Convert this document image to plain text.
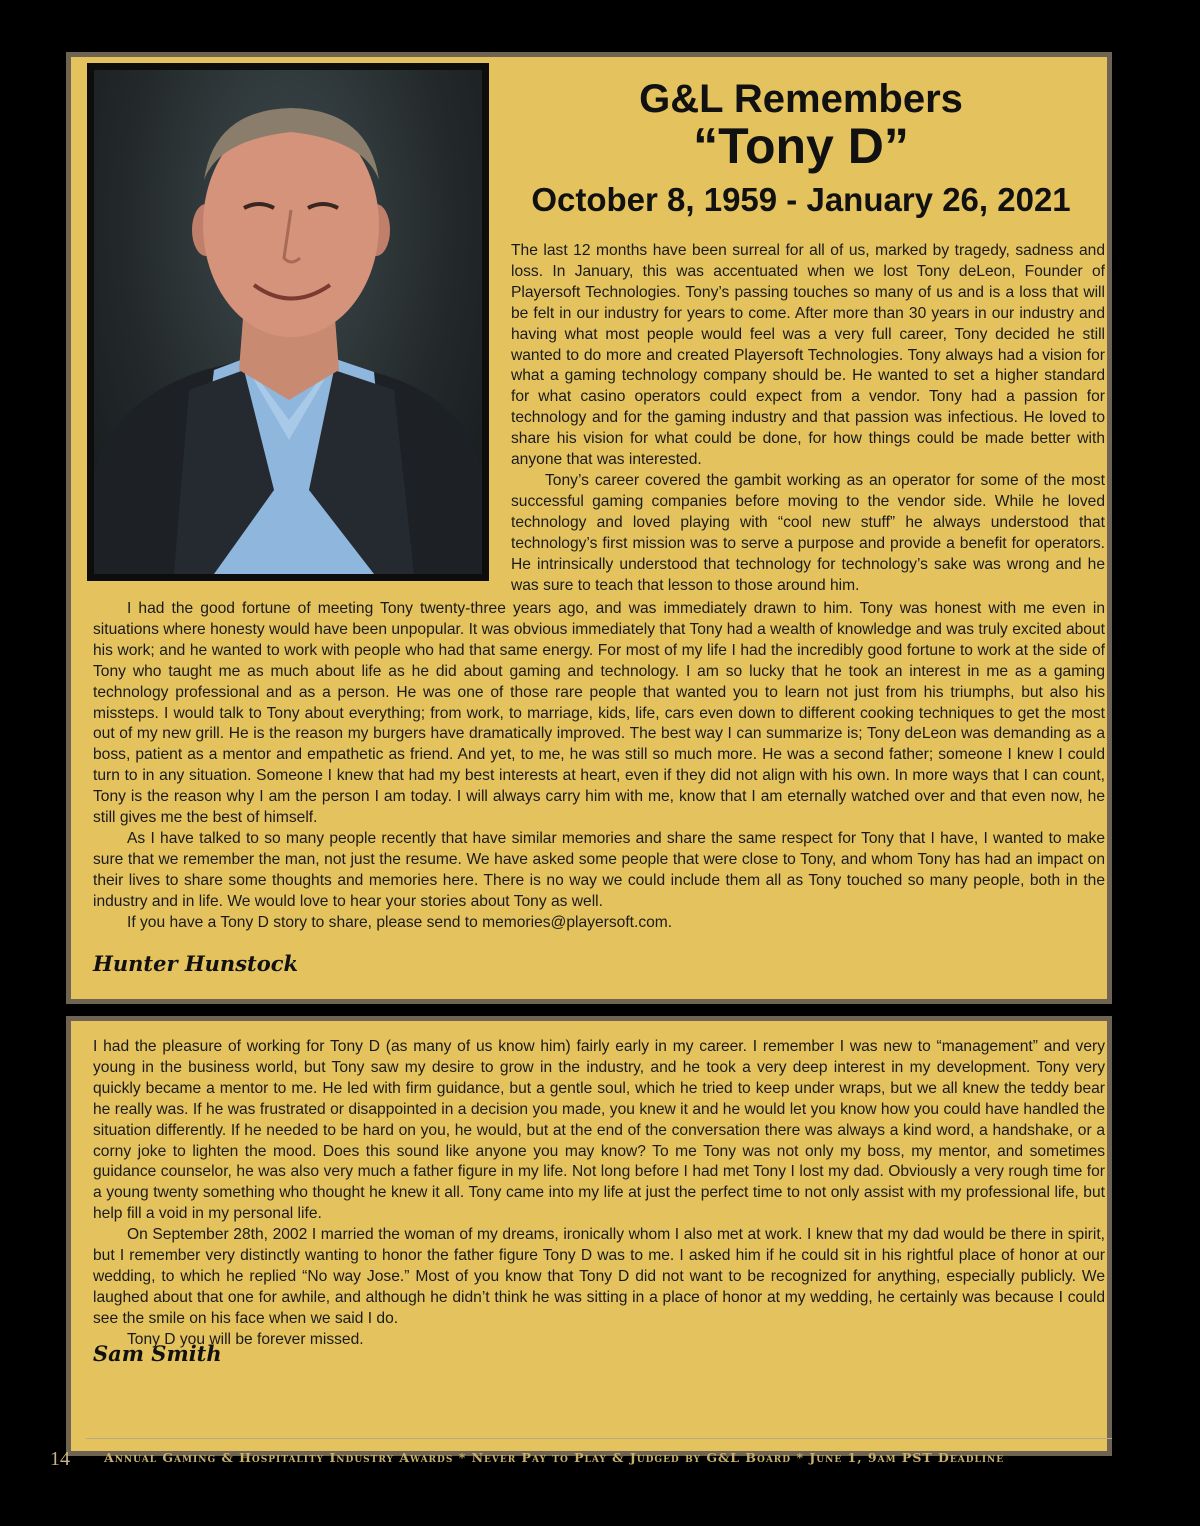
G&L Remembers
“Tony D”
October 8, 1959 - January 26, 2021

The last 12 months have been surreal for all of us, marked by tragedy, sadness and loss. In January, this was accentuated when we lost Tony deLeon, Founder of Playersoft Technologies. Tony’s passing touches so many of us and is a loss that will be felt in our industry for years to come. After more than 30 years in our industry and having what most people would feel was a very full career, Tony decided he still wanted to do more and created Playersoft Technologies. Tony always had a vision for what a gaming technology company should be. He wanted to set a higher standard for what casino operators could expect from a vendor. Tony had a passion for technology and for the gaming industry and that passion was infectious. He loved to share his vision for what could be done, for how things could be made better with anyone that was interested.

Tony’s career covered the gambit working as an operator for some of the most successful gaming companies before moving to the vendor side. While he loved technology and loved playing with “cool new stuff” he always understood that technology’s first mission was to serve a purpose and provide a benefit for operators. He intrinsically understood that technology for technology’s sake was wrong and he was sure to teach that lesson to those around him.

I had the good fortune of meeting Tony twenty-three years ago, and was immediately drawn to him. Tony was honest with me even in situations where honesty would have been unpopular. It was obvious immediately that Tony had a wealth of knowledge and was truly excited about his work; and he wanted to work with people who had that same energy. For most of my life I had the incredibly good fortune to work at the side of Tony who taught me as much about life as he did about gaming and technology. I am so lucky that he took an interest in me as a gaming technology professional and as a person. He was one of those rare people that wanted you to learn not just from his triumphs, but also his missteps. I would talk to Tony about everything; from work, to marriage, kids, life, cars even down to different cooking techniques to get the most out of my new grill. He is the reason my burgers have dramatically improved. The best way I can summarize is; Tony deLeon was demanding as a boss, patient as a mentor and empathetic as friend. And yet, to me, he was still so much more. He was a second father; someone I knew I could turn to in any situation. Someone I knew that had my best interests at heart, even if they did not align with his own. In more ways that I can count, Tony is the reason why I am the person I am today. I will always carry him with me, know that I am eternally watched over and that even now, he still gives me the best of himself.

As I have talked to so many people recently that have similar memories and share the same respect for Tony that I have, I wanted to make sure that we remember the man, not just the resume. We have asked some people that were close to Tony, and whom Tony has had an impact on their lives to share some thoughts and memories here. There is no way we could include them all as Tony touched so many people, both in the industry and in life. We would love to hear your stories about Tony as well.

If you have a Tony D story to share, please send to memories@playersoft.com.

Hunter Hunstock

I had the pleasure of working for Tony D (as many of us know him) fairly early in my career. I remember I was new to “management” and very young in the business world, but Tony saw my desire to grow in the industry, and he took a very deep interest in my development. Tony very quickly became a mentor to me. He led with firm guidance, but a gentle soul, which he tried to keep under wraps, but we all knew the teddy bear he really was. If he was frustrated or disappointed in a decision you made, you knew it and he would let you know how you could have handled the situation differently. If he needed to be hard on you, he would, but at the end of the conversation there was always a kind word, a handshake, or a corny joke to lighten the mood. Does this sound like anyone you may know? To me Tony was not only my boss, my mentor, and sometimes guidance counselor, he was also very much a father figure in my life. Not long before I had met Tony I lost my dad. Obviously a very rough time for a young twenty something who thought he knew it all. Tony came into my life at just the perfect time to not only assist with my professional life, but help fill a void in my personal life.

On September 28th, 2002 I married the woman of my dreams, ironically whom I also met at work. I knew that my dad would be there in spirit, but I remember very distinctly wanting to honor the father figure Tony D was to me. I asked him if he could sit in his rightful place of honor at our wedding, to which he replied “No way Jose.” Most of you know that Tony D did not want to be recognized for anything, especially publicly. We laughed about that one for awhile, and although he didn’t think he was sitting in a place of honor at my wedding, he certainly was because I could see the smile on his face when we said I do.

Tony D you will be forever missed.

Sam Smith
14	Annual Gaming & Hospitality Industry Awards * Never Pay to Play & Judged by G&L Board * June 1, 9am PST Deadline
